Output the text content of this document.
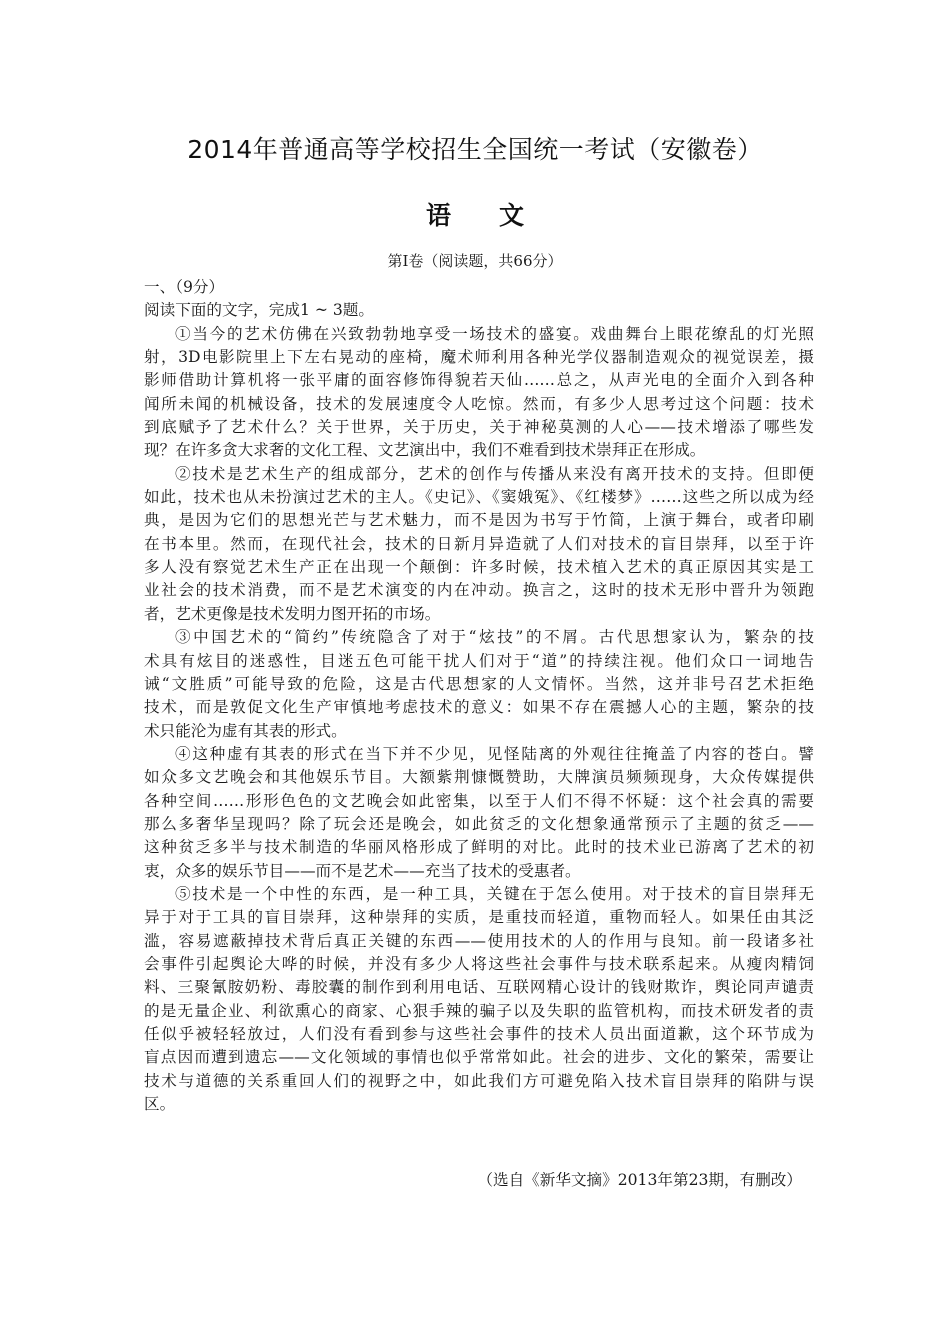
2014年普通高等学校招生全国统一考试（安徽卷）
语 文
第Ⅰ卷（阅读题，共66分）
一、（9分）
阅读下面的文字，完成1 ~ 3题。
①当今的艺术仿佛在兴致勃勃地享受一场技术的盛宴。戏曲舞台上眼花缭乱的灯光照
射，3D电影院里上下左右晃动的座椅，魔术师利用各种光学仪器制造观众的视觉误差，摄
影师借助计算机将一张平庸的面容修饰得貌若天仙……总之，从声光电的全面介入到各种
闻所未闻的机械设备，技术的发展速度令人吃惊。然而，有多少人思考过这个问题：技术
到底赋予了艺术什么？关于世界，关于历史，关于神秘莫测的人心——技术增添了哪些发
现？在许多贪大求奢的文化工程、文艺演出中，我们不难看到技术崇拜正在形成。
②技术是艺术生产的组成部分，艺术的创作与传播从来没有离开技术的支持。但即便
如此，技术也从未扮演过艺术的主人。《史记》、《窦娥冤》、《红楼梦》……这些之所以成为经
典，是因为它们的思想光芒与艺术魅力，而不是因为书写于竹简，上演于舞台，或者印刷
在书本里。然而，在现代社会，技术的日新月异造就了人们对技术的盲目崇拜，以至于许
多人没有察觉艺术生产正在出现一个颠倒：许多时候，技术植入艺术的真正原因其实是工
业社会的技术消费，而不是艺术演变的内在冲动。换言之，这时的技术无形中晋升为领跑
者，艺术更像是技术发明力图开拓的市场。
③中国艺术的“简约”传统隐含了对于“炫技”的不屑。古代思想家认为，繁杂的技
术具有炫目的迷惑性，目迷五色可能干扰人们对于“道”的持续注视。他们众口一词地告
诫“文胜质”可能导致的危险，这是古代思想家的人文情怀。当然，这并非号召艺术拒绝
技术，而是敦促文化生产审慎地考虑技术的意义：如果不存在震撼人心的主题，繁杂的技
术只能沦为虚有其表的形式。
④这种虚有其表的形式在当下并不少见，见怪陆离的外观往往掩盖了内容的苍白。譬
如众多文艺晚会和其他娱乐节目。大额紫荆慷慨赞助，大牌演员频频现身，大众传媒提供
各种空间……形形色色的文艺晚会如此密集，以至于人们不得不怀疑：这个社会真的需要
那么多奢华呈现吗？除了玩会还是晚会，如此贫乏的文化想象通常预示了主题的贫乏——
这种贫乏多半与技术制造的华丽风格形成了鲜明的对比。此时的技术业已游离了艺术的初
衷，众多的娱乐节目——而不是艺术——充当了技术的受惠者。
⑤技术是一个中性的东西，是一种工具，关键在于怎么使用。对于技术的盲目崇拜无
异于对于工具的盲目崇拜，这种崇拜的实质，是重技而轻道，重物而轻人。如果任由其泛
滥，容易遮蔽掉技术背后真正关键的东西——使用技术的人的作用与良知。前一段诸多社
会事件引起舆论大哗的时候，并没有多少人将这些社会事件与技术联系起来。从瘦肉精饲
料、三聚氰胺奶粉、毒胶囊的制作到利用电话、互联网精心设计的钱财欺诈，舆论同声谴责
的是无量企业、利欲熏心的商家、心狠手辣的骗子以及失职的监管机构，而技术研发者的责
任似乎被轻轻放过，人们没有看到参与这些社会事件的技术人员出面道歉，这个环节成为
盲点因而遭到遗忘——文化领域的事情也似乎常常如此。社会的进步、文化的繁荣，需要让
技术与道德的关系重回人们的视野之中，如此我们方可避免陷入技术盲目崇拜的陷阱与误
区。
（选自《新华文摘》2013年第23期，有删改）
